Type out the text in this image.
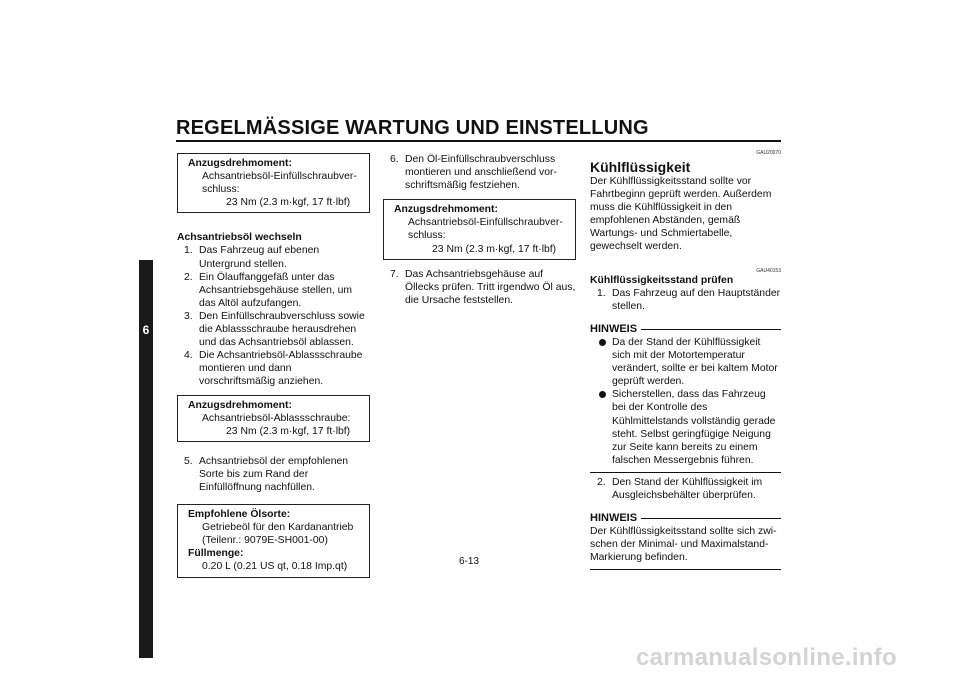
REGELMÄSSIGE WARTUNG UND EINSTELLUNG
6
Anzugsdrehmoment:
Achsantriebsöl-Einfüllschraubver-
schluss:
23 Nm (2.3 m·kgf, 17 ft·lbf)
Achsantriebsöl wechseln
1. Das Fahrzeug auf ebenen Untergrund stellen.
2. Ein Ölauffanggefäß unter das Achsantriebsgehäuse stellen, um das Altöl aufzufangen.
3. Den Einfüllschraubverschluss sowie die Ablassschraube herausdrehen und das Achsantriebsöl ablassen.
4. Die Achsantriebsöl-Ablassschraube montieren und dann vorschriftsmäßig anziehen.
Anzugsdrehmoment:
Achsantriebsöl-Ablassschraube:
23 Nm (2.3 m·kgf, 17 ft·lbf)
5. Achsantriebsöl der empfohlenen Sorte bis zum Rand der Einfüllöffnung nachfüllen.
Empfohlene Ölsorte:
Getriebeöl für den Kardanantrieb
(Teilenr.: 9079E-SH001-00)
Füllmenge:
0.20 L (0.21 US qt, 0.18 Imp.qt)
6. Den Öl-Einfüllschraubverschluss montieren und anschließend vorschriftsmäßig festziehen.
Anzugsdrehmoment:
Achsantriebsöl-Einfüllschraubver-
schluss:
23 Nm (2.3 m·kgf, 17 ft·lbf)
7. Das Achsantriebsgehäuse auf Öllecks prüfen. Tritt irgendwo Öl aus, die Ursache feststellen.
GAU20070
Kühlflüssigkeit
Der Kühlflüssigkeitsstand sollte vor Fahrtbeginn geprüft werden. Außerdem muss die Kühlflüssigkeit in den empfohlenen Abständen, gemäß Wartungs- und Schmiertabelle, gewechselt werden.
GAU40153
Kühlflüssigkeitsstand prüfen
1. Das Fahrzeug auf den Hauptständer stellen.
HINWEIS
Da der Stand der Kühlflüssigkeit sich mit der Motortemperatur verändert, sollte er bei kaltem Motor geprüft werden.
Sicherstellen, dass das Fahrzeug bei der Kontrolle des Kühlmittelstands vollständig gerade steht. Selbst geringfügige Neigung zur Seite kann bereits zu einem falschen Messergebnis führen.
2. Den Stand der Kühlflüssigkeit im Ausgleichsbehälter überprüfen.
HINWEIS
Der Kühlflüssigkeitsstand sollte sich zwischen der Minimal- und Maximalstand-Markierung befinden.
6-13
carmanualsonline.info
